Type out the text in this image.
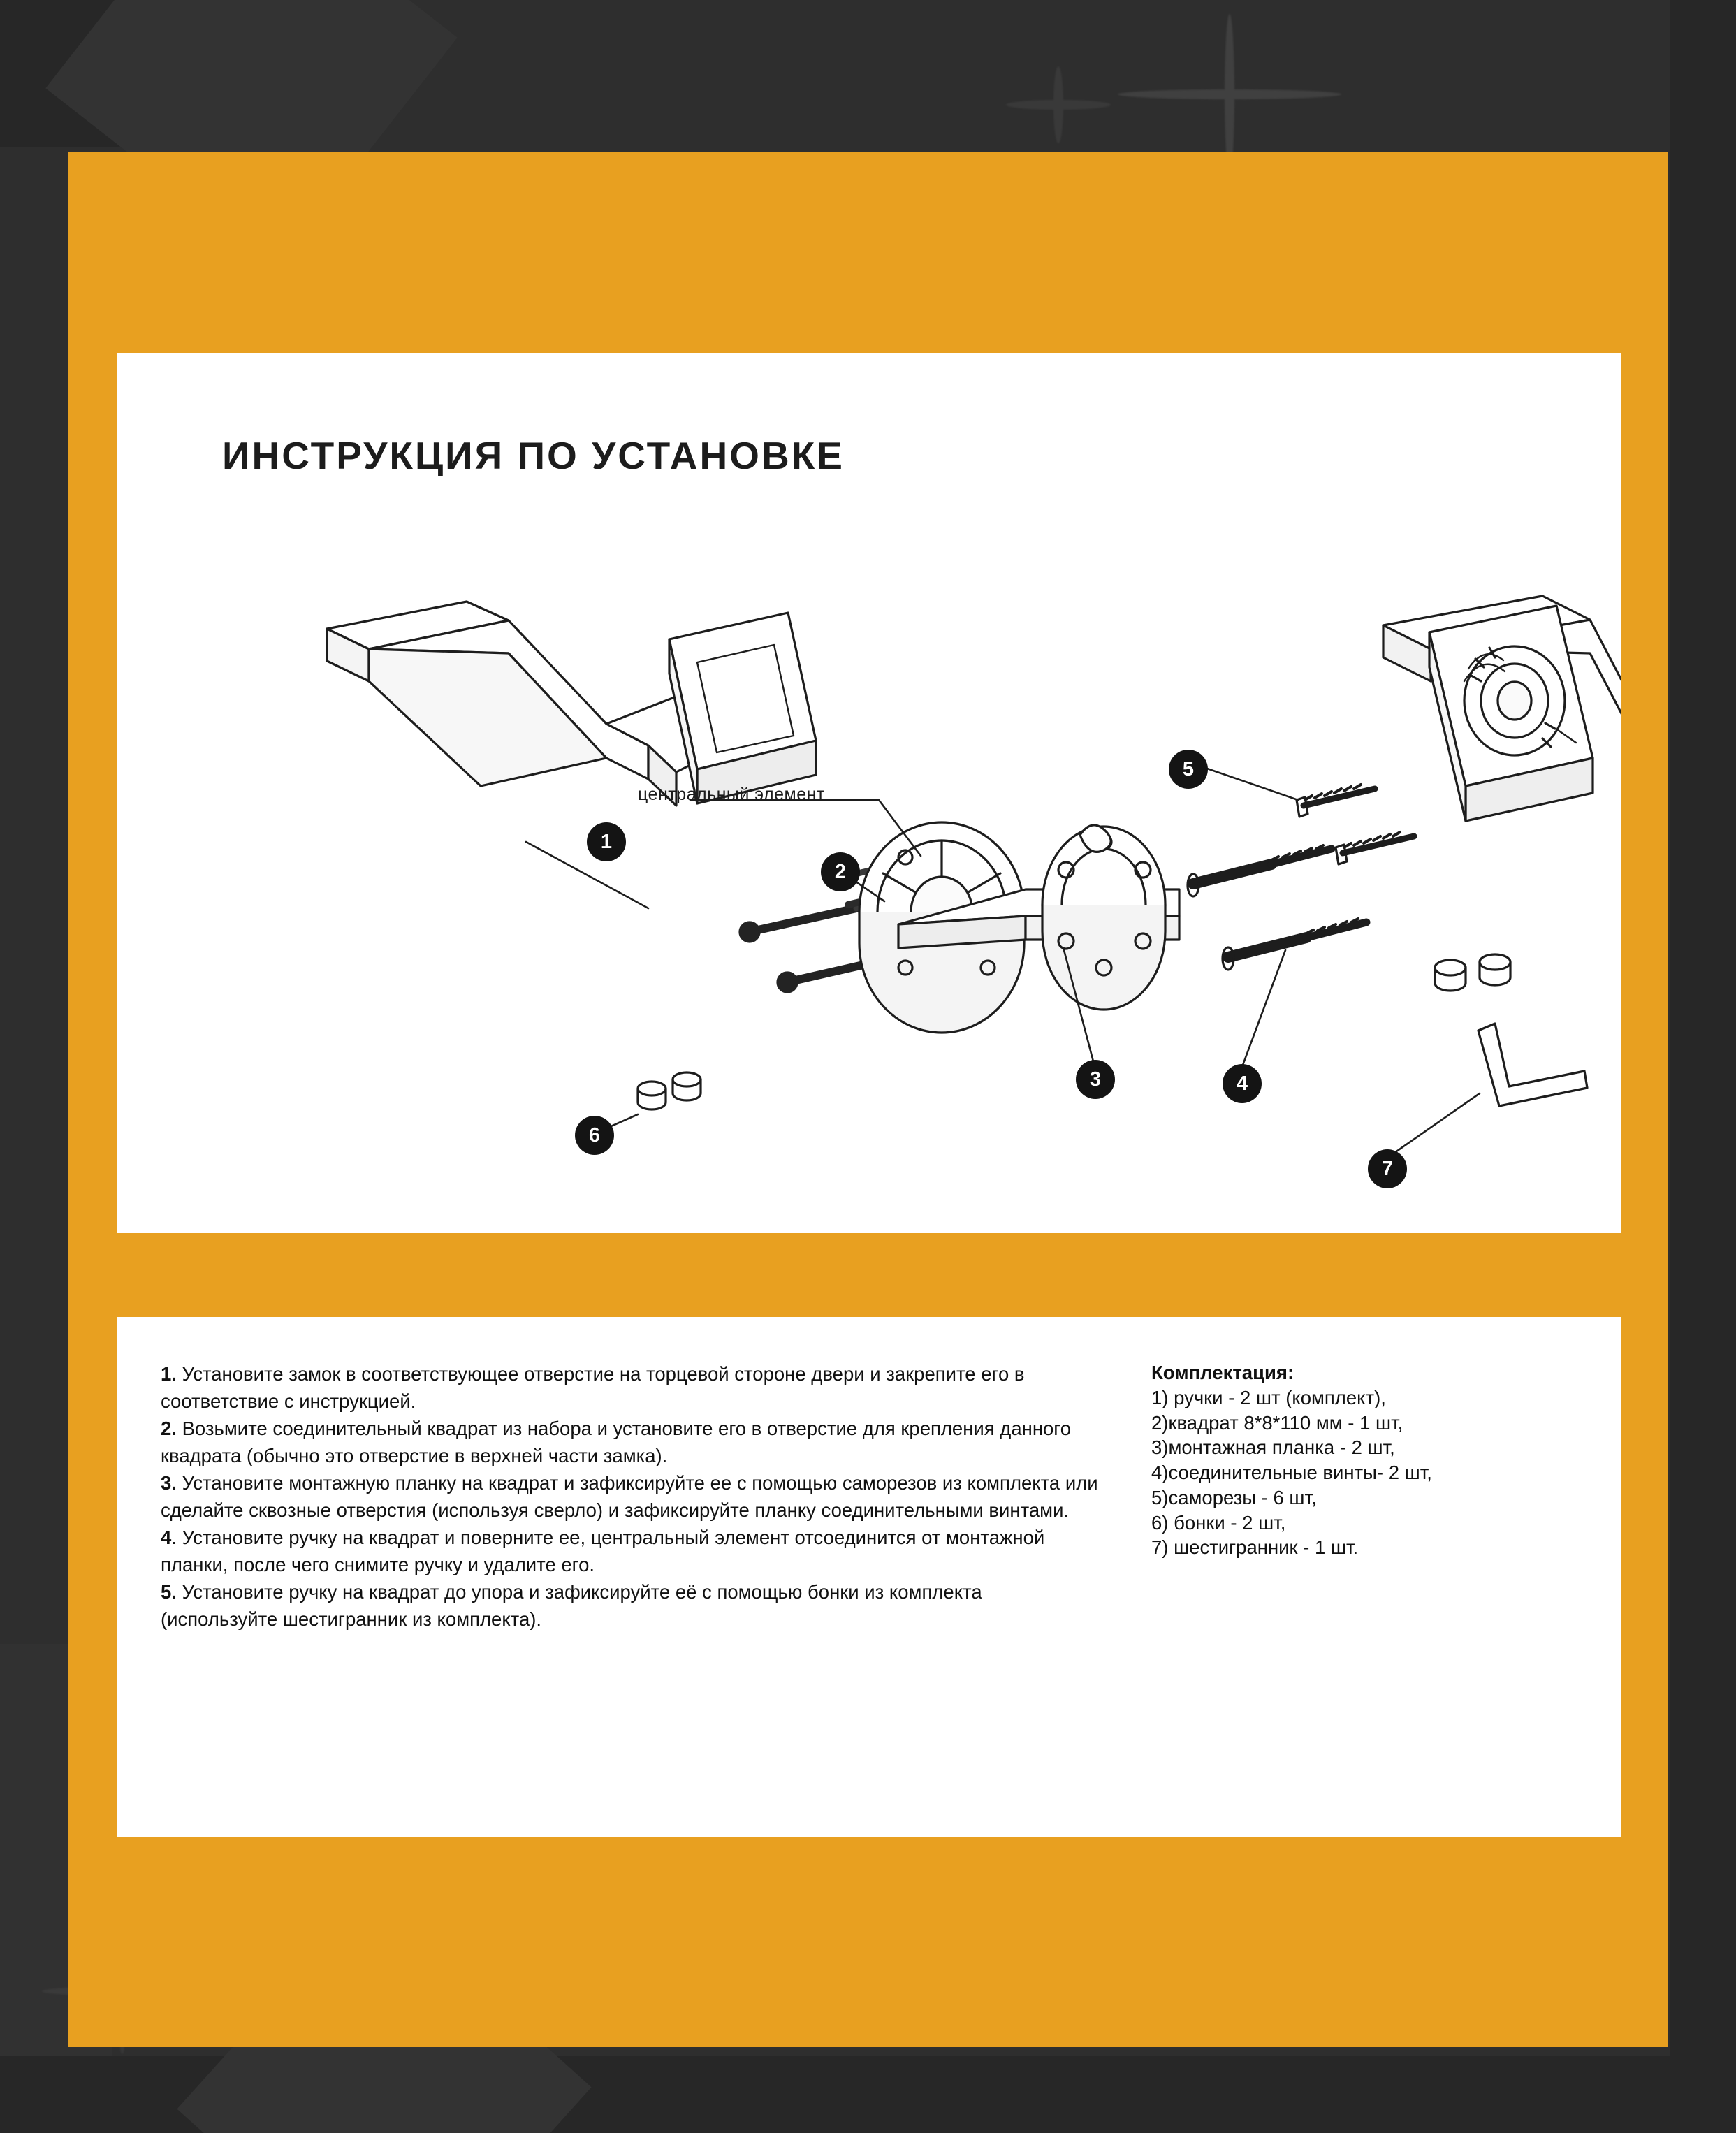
ИНСТРУКЦИЯ ПО УСТАНОВКЕ
1
2
3	4
5
6
7
центральный элемент

1. Установите замок в соответствующее отверстие на торцевой стороне двери и закрепите его в соответствие с инструкцией.

2. Возьмите соединительный квадрат из набора и установите его в отверстие для крепления данного квадрата (обычно это отверстие в верхней части замка).

3. Установите монтажную планку на квадрат и зафиксируйте ее с помощью саморезов из комплекта или сделайте сквозные отверстия (используя сверло) и зафиксируйте планку соединительными винтами.

4. Установите ручку на квадрат и поверните ее, центральный элемент отсоединится от монтажной планки, после чего снимите ручку и удалите его.

5. Установите ручку на квадрат до упора и зафиксируйте её с помощью бонки из комплекта (используйте шестигранник из комплекта).

Комплектация:

1) ручки - 2 шт (комплект),

2)квадрат 8*8*110 мм - 1 шт,

3)монтажная планка - 2 шт,

4)соединительные винты- 2 шт,

5)саморезы - 6 шт,

6) бонки - 2 шт,

7) шестигранник - 1 шт.
